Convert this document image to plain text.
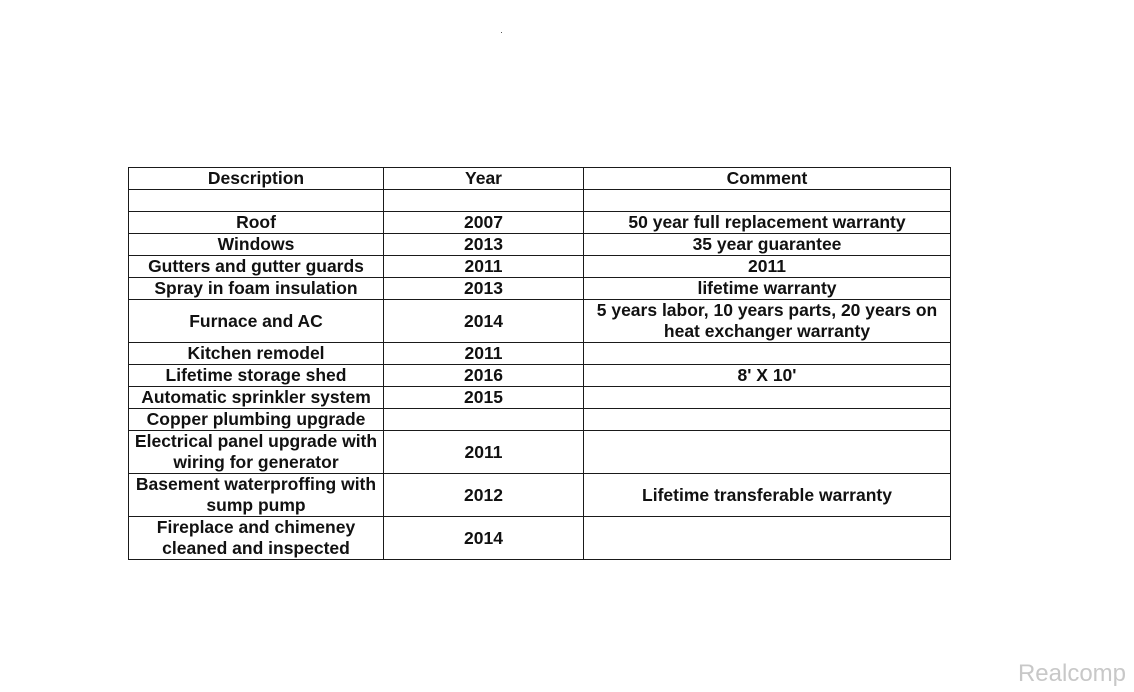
Description	Year	Comment

Roof	2007	50 year full replacement warranty
Windows	2013	35 year guarantee
Gutters and gutter guards	2011	2011
Spray in foam insulation	2013	lifetime warranty
Furnace and AC	2014	5 years labor, 10 years parts, 20 years on heat exchanger warranty
Kitchen remodel	2011	
Lifetime storage shed	2016	8' X 10'
Automatic sprinkler system	2015	
Copper plumbing upgrade		
Electrical panel upgrade with wiring for generator	2011	
Basement waterproffing with sump pump	2012	Lifetime transferable warranty
Fireplace and chimeney cleaned and inspected	2014	
Realcomp
